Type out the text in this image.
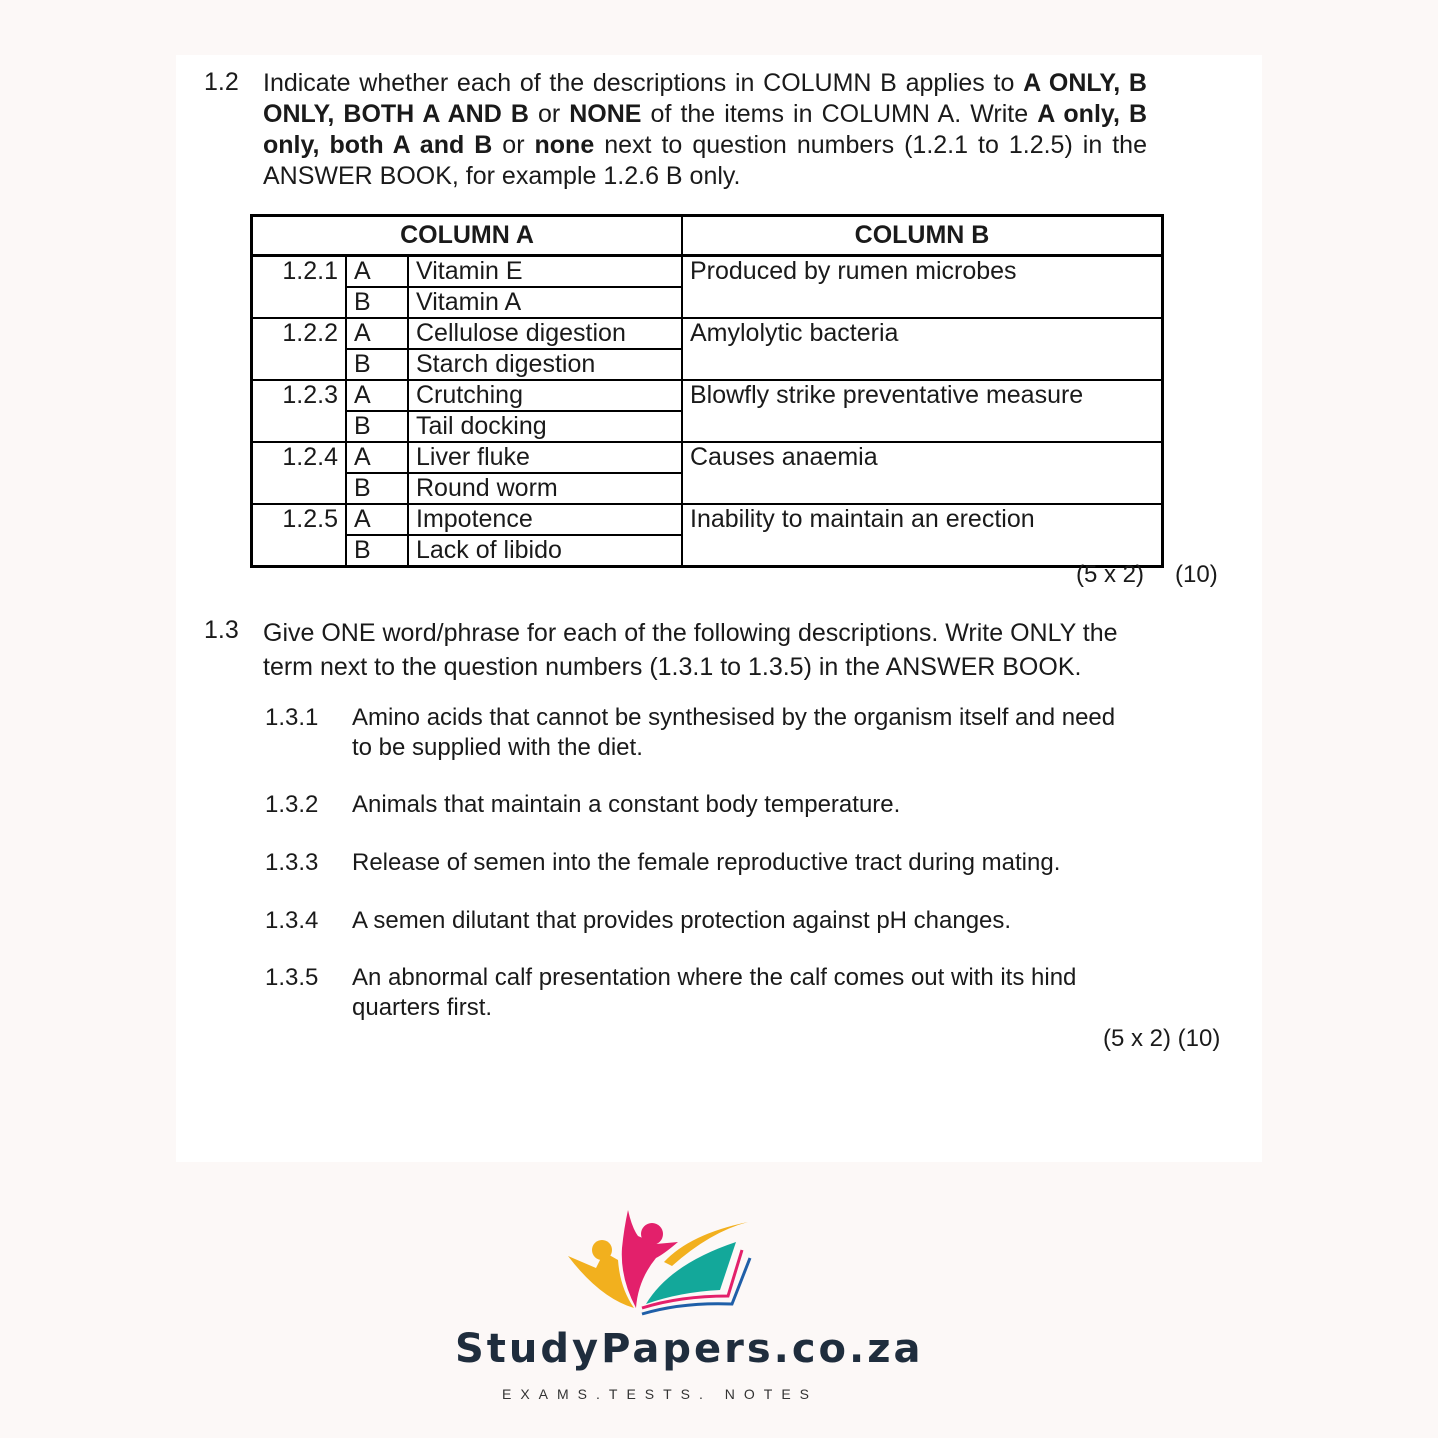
1.2 Indicate whether each of the descriptions in COLUMN B applies to A ONLY, B ONLY, BOTH A AND B or NONE of the items in COLUMN A. Write A only, B only, both A and B or none next to question numbers (1.2.1 to 1.2.5) in the ANSWER BOOK, for example 1.2.6 B only.
COLUMN A			COLUMN B
1.2.1	A	Vitamin E	Produced by rumen microbes
	B	Vitamin A	
1.2.2	A	Cellulose digestion	Amylolytic bacteria
	B	Starch digestion	
1.2.3	A	Crutching	Blowfly strike preventative measure
	B	Tail docking	
1.2.4	A	Liver fluke	Causes anaemia
	B	Round worm	
1.2.5	A	Impotence	Inability to maintain an erection
	B	Lack of libido	
(5 x 2) (10)
1.3 Give ONE word/phrase for each of the following descriptions. Write ONLY the term next to the question numbers (1.3.1 to 1.3.5) in the ANSWER BOOK.
1.3.1 Amino acids that cannot be synthesised by the organism itself and need to be supplied with the diet.
1.3.2 Animals that maintain a constant body temperature.
1.3.3 Release of semen into the female reproductive tract during mating.
1.3.4 A semen dilutant that provides protection against pH changes.
1.3.5 An abnormal calf presentation where the calf comes out with its hind quarters first.
(5 x 2) (10)
StudyPapers.co.za
EXAMS.TESTS. NOTES
